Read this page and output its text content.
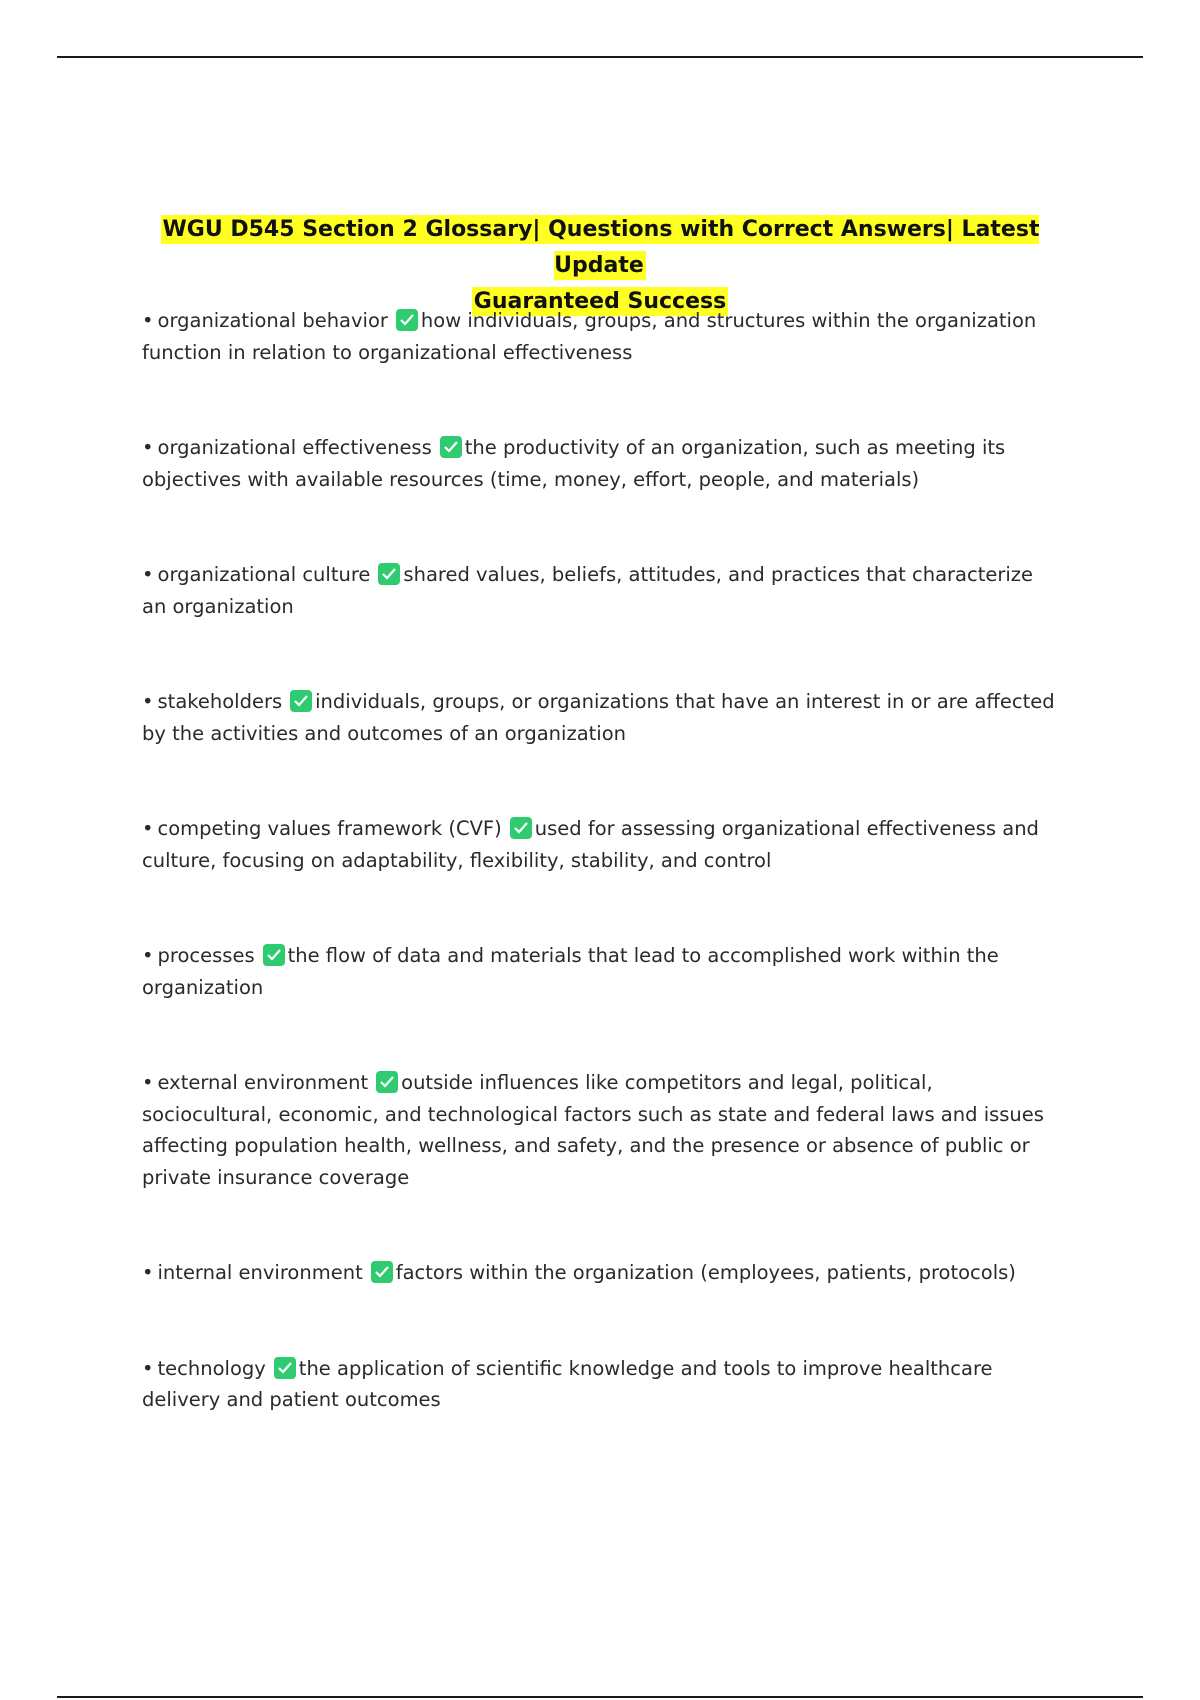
WGU D545 Section 2 Glossary| Questions with Correct Answers| Latest Update
Guaranteed Success
• organizational behavior how individuals, groups, and structures within the organization function in relation to organizational effectiveness
• organizational effectiveness the productivity of an organization, such as meeting its objectives with available resources (time, money, effort, people, and materials)
• organizational culture shared values, beliefs, attitudes, and practices that characterize an organization
• stakeholders individuals, groups, or organizations that have an interest in or are affected by the activities and outcomes of an organization
• competing values framework (CVF) used for assessing organizational effectiveness and culture, focusing on adaptability, flexibility, stability, and control
• processes the flow of data and materials that lead to accomplished work within the organization
• external environment outside influences like competitors and legal, political, sociocultural, economic, and technological factors such as state and federal laws and issues affecting population health, wellness, and safety, and the presence or absence of public or private insurance coverage
• internal environment factors within the organization (employees, patients, protocols)
• technology the application of scientific knowledge and tools to improve healthcare delivery and patient outcomes
